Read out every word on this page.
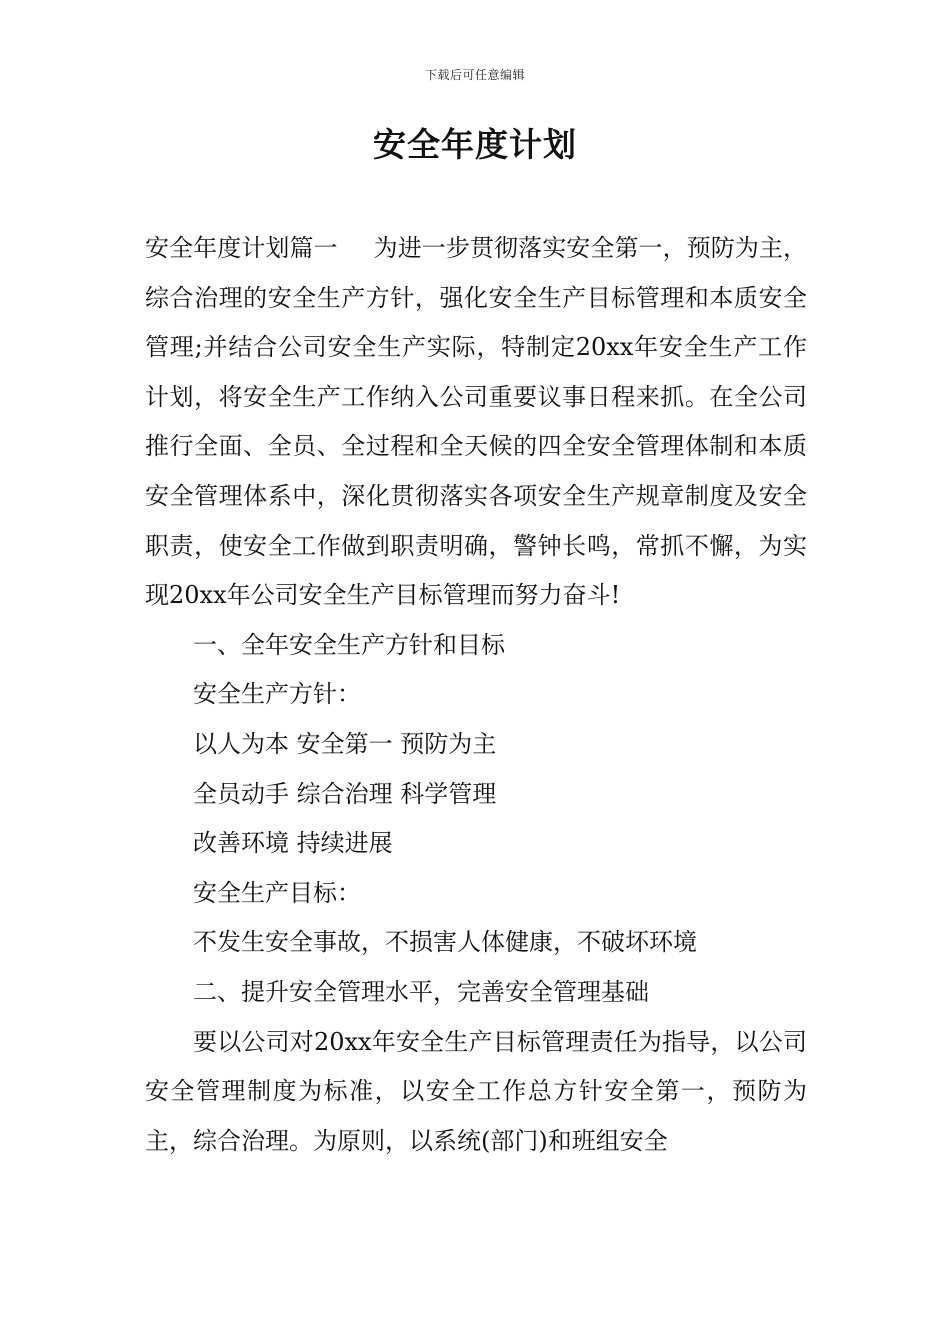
下载后可任意编辑
安全年度计划

安全年度计划篇一 为进一步贯彻落实安全第一，预防为主，综合治理的安全生产方针，强化安全生产目标管理和本质安全管理;并结合公司安全生产实际，特制定20xx年安全生产工作计划，将安全生产工作纳入公司重要议事日程来抓。在全公司推行全面、全员、全过程和全天候的四全安全管理体制和本质安全管理体系中，深化贯彻落实各项安全生产规章制度及安全职责，使安全工作做到职责明确，警钟长鸣，常抓不懈，为实现20xx年公司安全生产目标管理而努力奋斗!

一、全年安全生产方针和目标

安全生产方针：

以人为本 安全第一 预防为主

全员动手 综合治理 科学管理

改善环境 持续进展

安全生产目标：

不发生安全事故，不损害人体健康，不破坏环境

二、提升安全管理水平，完善安全管理基础

要以公司对20xx年安全生产目标管理责任为指导，以公司安全管理制度为标准，以安全工作总方针安全第一，预防为主，综合治理。为原则，以系统(部门)和班组安全
